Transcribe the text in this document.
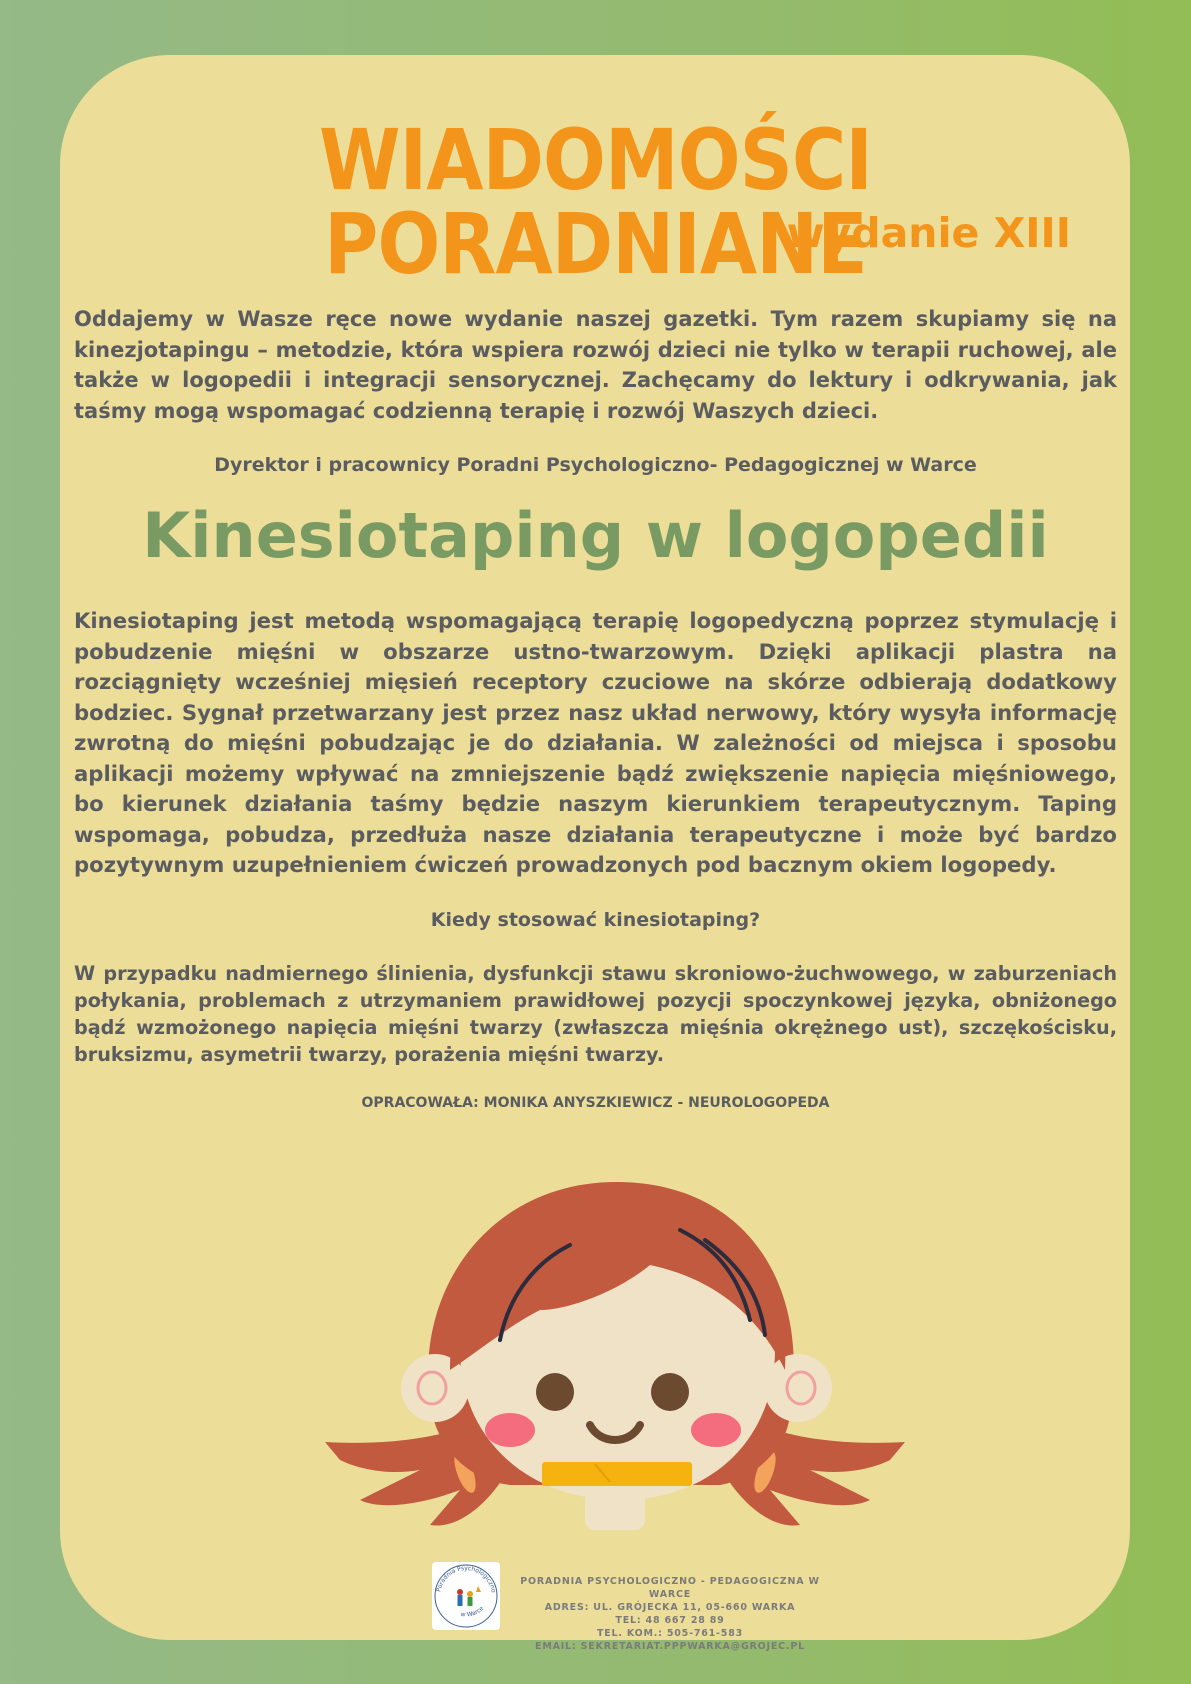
WIADOMOŚCI PORADNIANE
wydanie XIII

Oddajemy w Wasze ręce nowe wydanie naszej gazetki. Tym razem skupiamy się na kinezjotapingu – metodzie, która wspiera rozwój dzieci nie tylko w terapii ruchowej, ale także w logopedii i integracji sensorycznej. Zachęcamy do lektury i odkrywania, jak taśmy mogą wspomagać codzienną terapię i rozwój Waszych dzieci.

Dyrektor i pracownicy Poradni Psychologiczno- Pedagogicznej w Warce

Kinesiotaping w logopedii

Kinesiotaping jest metodą wspomagającą terapię logopedyczną poprzez stymulację i pobudzenie mięśni w obszarze ustno-twarzowym. Dzięki aplikacji plastra na rozciągnięty wcześniej mięsień receptory czuciowe na skórze odbierają dodatkowy bodziec. Sygnał przetwarzany jest przez nasz układ nerwowy, który wysyła informację zwrotną do mięśni pobudzając je do działania. W zależności od miejsca i sposobu aplikacji możemy wpływać na zmniejszenie bądź zwiększenie napięcia mięśniowego, bo kierunek działania taśmy będzie naszym kierunkiem terapeutycznym. Taping wspomaga, pobudza, przedłuża nasze działania terapeutyczne i może być bardzo pozytywnym uzupełnieniem ćwiczeń prowadzonych pod bacznym okiem logopedy.

Kiedy stosować kinesiotaping?

W przypadku nadmiernego ślinienia, dysfunkcji stawu skroniowo-żuchwowego, w zaburzeniach połykania, problemach z utrzymaniem prawidłowej pozycji spoczynkowej języka, obniżonego bądź wzmożonego napięcia mięśni twarzy (zwłaszcza mięśnia okrężnego ust), szczękościsku, bruksizmu, asymetrii twarzy, porażenia mięśni twarzy.

OPRACOWAŁA: MONIKA ANYSZKIEWICZ - NEUROLOGOPEDA

Poradnia Psychologiczno
w Warce
PORADNIA PSYCHOLOGICZNO - PEDAGOGICZNA W WARCE
ADRES: UL. GRÓJECKA 11, 05-660 WARKA
TEL: 48 667 28 89
TEL. KOM.: 505-761-583
EMAIL: SEKRETARIAT.PPPWARKA@GROJEC.PL
